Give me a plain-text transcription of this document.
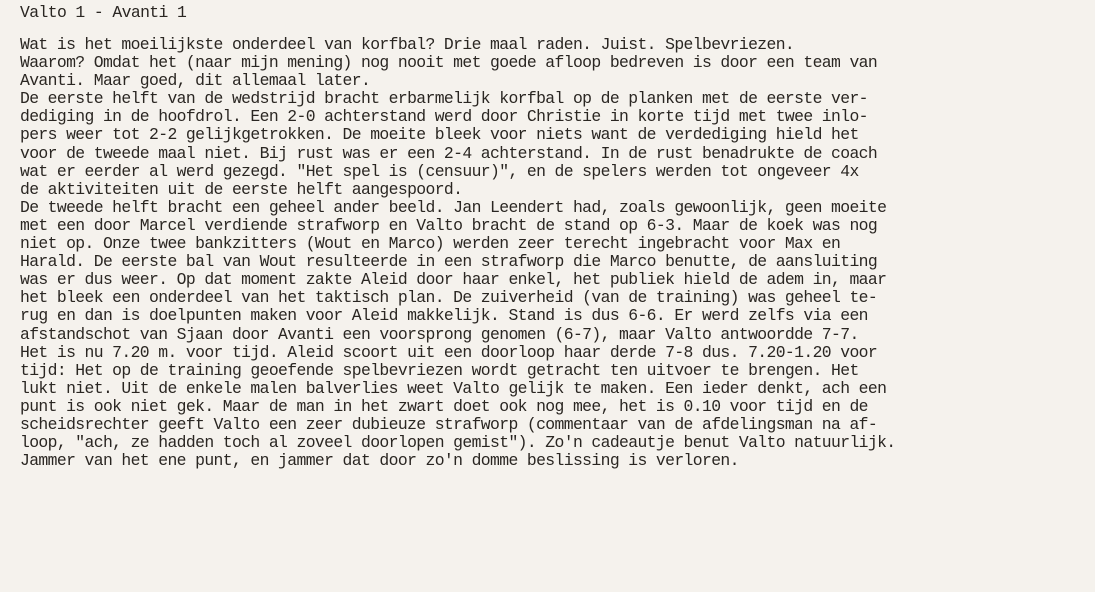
Valto 1 - Avanti 1
Wat is het moeilijkste onderdeel van korfbal? Drie maal raden. Juist. Spelbevriezen.
Waarom? Omdat het (naar mijn mening) nog nooit met goede afloop bedreven is door een team van
Avanti. Maar goed, dit allemaal later.
De eerste helft van de wedstrijd bracht erbarmelijk korfbal op de planken met de eerste ver-
dediging in de hoofdrol. Een 2-0 achterstand werd door Christie in korte tijd met twee inlo-
pers weer tot 2-2 gelijkgetrokken. De moeite bleek voor niets want de verdediging hield het
voor de tweede maal niet. Bij rust was er een 2-4 achterstand. In de rust benadrukte de coach
wat er eerder al werd gezegd. "Het spel is (censuur)", en de spelers werden tot ongeveer 4x
de aktiviteiten uit de eerste helft aangespoord.
De tweede helft bracht een geheel ander beeld. Jan Leendert had, zoals gewoonlijk, geen moeite
met een door Marcel verdiende strafworp en Valto bracht de stand op 6-3. Maar de koek was nog
niet op. Onze twee bankzitters (Wout en Marco) werden zeer terecht ingebracht voor Max en
Harald. De eerste bal van Wout resulteerde in een strafworp die Marco benutte, de aansluiting
was er dus weer. Op dat moment zakte Aleid door haar enkel, het publiek hield de adem in, maar
het bleek een onderdeel van het taktisch plan. De zuiverheid (van de training) was geheel te-
rug en dan is doelpunten maken voor Aleid makkelijk. Stand is dus 6-6. Er werd zelfs via een
afstandschot van Sjaan door Avanti een voorsprong genomen (6-7), maar Valto antwoordde 7-7.
Het is nu 7.20 m. voor tijd. Aleid scoort uit een doorloop haar derde 7-8 dus. 7.20-1.20 voor
tijd: Het op de training geoefende spelbevriezen wordt getracht ten uitvoer te brengen. Het
lukt niet. Uit de enkele malen balverlies weet Valto gelijk te maken. Een ieder denkt, ach een
punt is ook niet gek. Maar de man in het zwart doet ook nog mee, het is 0.10 voor tijd en de
scheidsrechter geeft Valto een zeer dubieuze strafworp (commentaar van de afdelingsman na af-
loop, "ach, ze hadden toch al zoveel doorlopen gemist"). Zo'n cadeautje benut Valto natuurlijk.
Jammer van het ene punt, en jammer dat door zo'n domme beslissing is verloren.
